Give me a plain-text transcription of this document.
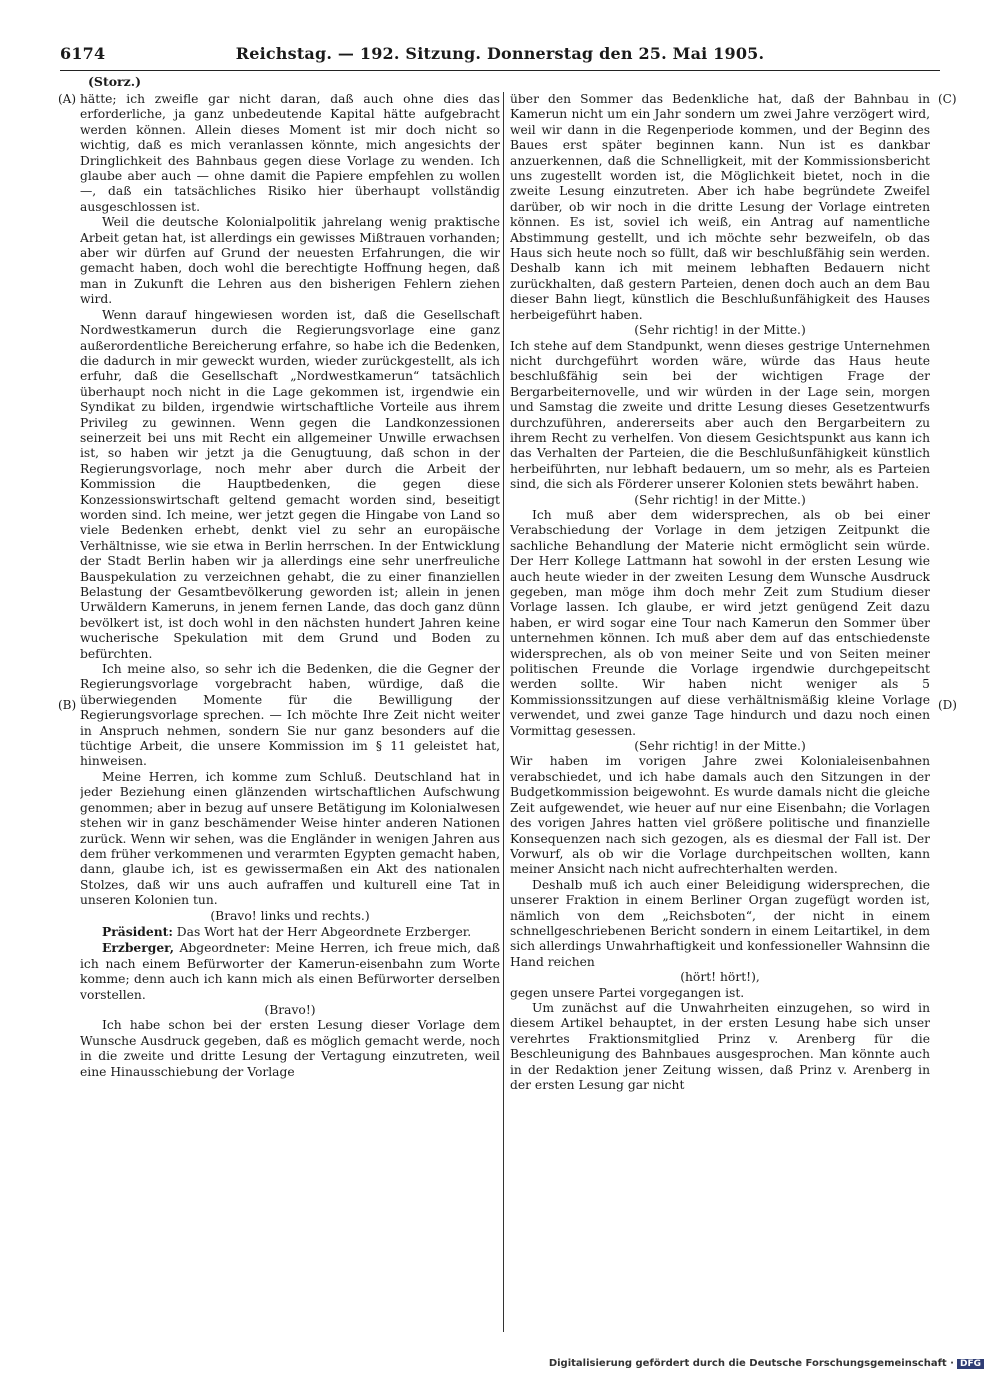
6174	Reichstag. — 192. Sitzung. Donnerstag den 25. Mai 1905.
(Storz.)
(A)
(B)
(C)
(D)

hätte; ich zweifle gar nicht daran, daß auch ohne dies das erforderliche, ja ganz unbedeutende Kapital hätte aufgebracht werden können. Allein dieses Moment ist mir doch nicht so wichtig, daß es mich veranlassen könnte, mich angesichts der Dringlichkeit des Bahnbaus gegen diese Vorlage zu wenden. Ich glaube aber auch — ohne damit die Papiere empfehlen zu wollen —, daß ein tatsächliches Risiko hier überhaupt vollständig ausgeschlossen ist.

Weil die deutsche Kolonialpolitik jahrelang wenig praktische Arbeit getan hat, ist allerdings ein gewisses Mißtrauen vorhanden; aber wir dürfen auf Grund der neuesten Erfahrungen, die wir gemacht haben, doch wohl die berechtigte Hoffnung hegen, daß man in Zukunft die Lehren aus den bisherigen Fehlern ziehen wird.

Wenn darauf hingewiesen worden ist, daß die Gesellschaft Nordwestkamerun durch die Regierungsvorlage eine ganz außerordentliche Bereicherung erfahre, so habe ich die Bedenken, die dadurch in mir geweckt wurden, wieder zurückgestellt, als ich erfuhr, daß die Gesellschaft „Nordwestkamerun“ tatsächlich überhaupt noch nicht in die Lage gekommen ist, irgendwie ein Syndikat zu bilden, irgendwie wirtschaftliche Vorteile aus ihrem Privileg zu gewinnen. Wenn gegen die Landkonzessionen seinerzeit bei uns mit Recht ein allgemeiner Unwille erwachsen ist, so haben wir jetzt ja die Genugtuung, daß schon in der Regierungsvorlage, noch mehr aber durch die Arbeit der Kommission die Hauptbedenken, die gegen diese Konzessionswirtschaft geltend gemacht worden sind, beseitigt worden sind. Ich meine, wer jetzt gegen die Hingabe von Land so viele Bedenken erhebt, denkt viel zu sehr an europäische Verhältnisse, wie sie etwa in Berlin herrschen. In der Entwicklung der Stadt Berlin haben wir ja allerdings eine sehr unerfreuliche Bauspekulation zu verzeichnen gehabt, die zu einer finanziellen Belastung der Gesamtbevölkerung geworden ist; allein in jenen Urwäldern Kameruns, in jenem fernen Lande, das doch ganz dünn bevölkert ist, ist doch wohl in den nächsten hundert Jahren keine wucherische Spekulation mit dem Grund und Boden zu befürchten.

Ich meine also, so sehr ich die Bedenken, die die Gegner der Regierungsvorlage vorgebracht haben, würdige, daß die überwiegenden Momente für die Bewilligung der Regierungsvorlage sprechen. — Ich möchte Ihre Zeit nicht weiter in Anspruch nehmen, sondern Sie nur ganz besonders auf die tüchtige Arbeit, die unsere Kommission im § 11 geleistet hat, hinweisen.

Meine Herren, ich komme zum Schluß. Deutschland hat in jeder Beziehung einen glänzenden wirtschaftlichen Aufschwung genommen; aber in bezug auf unsere Betätigung im Kolonialwesen stehen wir in ganz beschämender Weise hinter anderen Nationen zurück. Wenn wir sehen, was die Engländer in wenigen Jahren aus dem früher verkommenen und verarmten Egypten gemacht haben, dann, glaube ich, ist es gewissermaßen ein Akt des nationalen Stolzes, daß wir uns auch aufraffen und kulturell eine Tat in unseren Kolonien tun.

(Bravo! links und rechts.)

Präsident: Das Wort hat der Herr Abgeordnete Erzberger.

Erzberger, Abgeordneter: Meine Herren, ich freue mich, daß ich nach einem Befürworter der Kamerun-eisenbahn zum Worte komme; denn auch ich kann mich als einen Befürworter derselben vorstellen.

(Bravo!)

Ich habe schon bei der ersten Lesung dieser Vorlage dem Wunsche Ausdruck gegeben, daß es möglich gemacht werde, noch in die zweite und dritte Lesung der Vertagung einzutreten, weil eine Hinausschiebung der Vorlage

über den Sommer das Bedenkliche hat, daß der Bahnbau in Kamerun nicht um ein Jahr sondern um zwei Jahre verzögert wird, weil wir dann in die Regenperiode kommen, und der Beginn des Baues erst später beginnen kann. Nun ist es dankbar anzuerkennen, daß die Schnelligkeit, mit der Kommissionsbericht uns zugestellt worden ist, die Möglichkeit bietet, noch in die zweite Lesung einzutreten. Aber ich habe begründete Zweifel darüber, ob wir noch in die dritte Lesung der Vorlage eintreten können. Es ist, soviel ich weiß, ein Antrag auf namentliche Abstimmung gestellt, und ich möchte sehr bezweifeln, ob das Haus sich heute noch so füllt, daß wir beschlußfähig sein werden. Deshalb kann ich mit meinem lebhaften Bedauern nicht zurückhalten, daß gestern Parteien, denen doch auch an dem Bau dieser Bahn liegt, künstlich die Beschlußunfähigkeit des Hauses herbeigeführt haben.

(Sehr richtig! in der Mitte.)

Ich stehe auf dem Standpunkt, wenn dieses gestrige Unternehmen nicht durchgeführt worden wäre, würde das Haus heute beschlußfähig sein bei der wichtigen Frage der Bergarbeiternovelle, und wir würden in der Lage sein, morgen und Samstag die zweite und dritte Lesung dieses Gesetzentwurfs durchzuführen, andererseits aber auch den Bergarbeitern zu ihrem Recht zu verhelfen. Von diesem Gesichtspunkt aus kann ich das Verhalten der Parteien, die die Beschlußunfähigkeit künstlich herbeiführten, nur lebhaft bedauern, um so mehr, als es Parteien sind, die sich als Förderer unserer Kolonien stets bewährt haben.

(Sehr richtig! in der Mitte.)

Ich muß aber dem widersprechen, als ob bei einer Verabschiedung der Vorlage in dem jetzigen Zeitpunkt die sachliche Behandlung der Materie nicht ermöglicht sein würde. Der Herr Kollege Lattmann hat sowohl in der ersten Lesung wie auch heute wieder in der zweiten Lesung dem Wunsche Ausdruck gegeben, man möge ihm doch mehr Zeit zum Studium dieser Vorlage lassen. Ich glaube, er wird jetzt genügend Zeit dazu haben, er wird sogar eine Tour nach Kamerun den Sommer über unternehmen können. Ich muß aber dem auf das entschiedenste widersprechen, als ob von meiner Seite und von Seiten meiner politischen Freunde die Vorlage irgendwie durchgepeitscht werden sollte. Wir haben nicht weniger als 5 Kommissionssitzungen auf diese verhältnismäßig kleine Vorlage verwendet, und zwei ganze Tage hindurch und dazu noch einen Vormittag gesessen.

(Sehr richtig! in der Mitte.)

Wir haben im vorigen Jahre zwei Kolonialeisenbahnen verabschiedet, und ich habe damals auch den Sitzungen in der Budgetkommission beigewohnt. Es wurde damals nicht die gleiche Zeit aufgewendet, wie heuer auf nur eine Eisenbahn; die Vorlagen des vorigen Jahres hatten viel größere politische und finanzielle Konsequenzen nach sich gezogen, als es diesmal der Fall ist. Der Vorwurf, als ob wir die Vorlage durchpeitschen wollten, kann meiner Ansicht nach nicht aufrechterhalten werden.

Deshalb muß ich auch einer Beleidigung widersprechen, die unserer Fraktion in einem Berliner Organ zugefügt worden ist, nämlich von dem „Reichsboten“, der nicht in einem schnellgeschriebenen Bericht sondern in einem Leitartikel, in dem sich allerdings Unwahrhaftigkeit und konfessioneller Wahnsinn die Hand reichen

(hört! hört!),

gegen unsere Partei vorgegangen ist.

Um zunächst auf die Unwahrheiten einzugehen, so wird in diesem Artikel behauptet, in der ersten Lesung habe sich unser verehrtes Fraktionsmitglied Prinz v. Arenberg für die Beschleunigung des Bahnbaues ausgesprochen. Man könnte auch in der Redaktion jener Zeitung wissen, daß Prinz v. Arenberg in der ersten Lesung gar nicht

Digitalisierung gefördert durch die Deutsche Forschungsgemeinschaft · DFG
